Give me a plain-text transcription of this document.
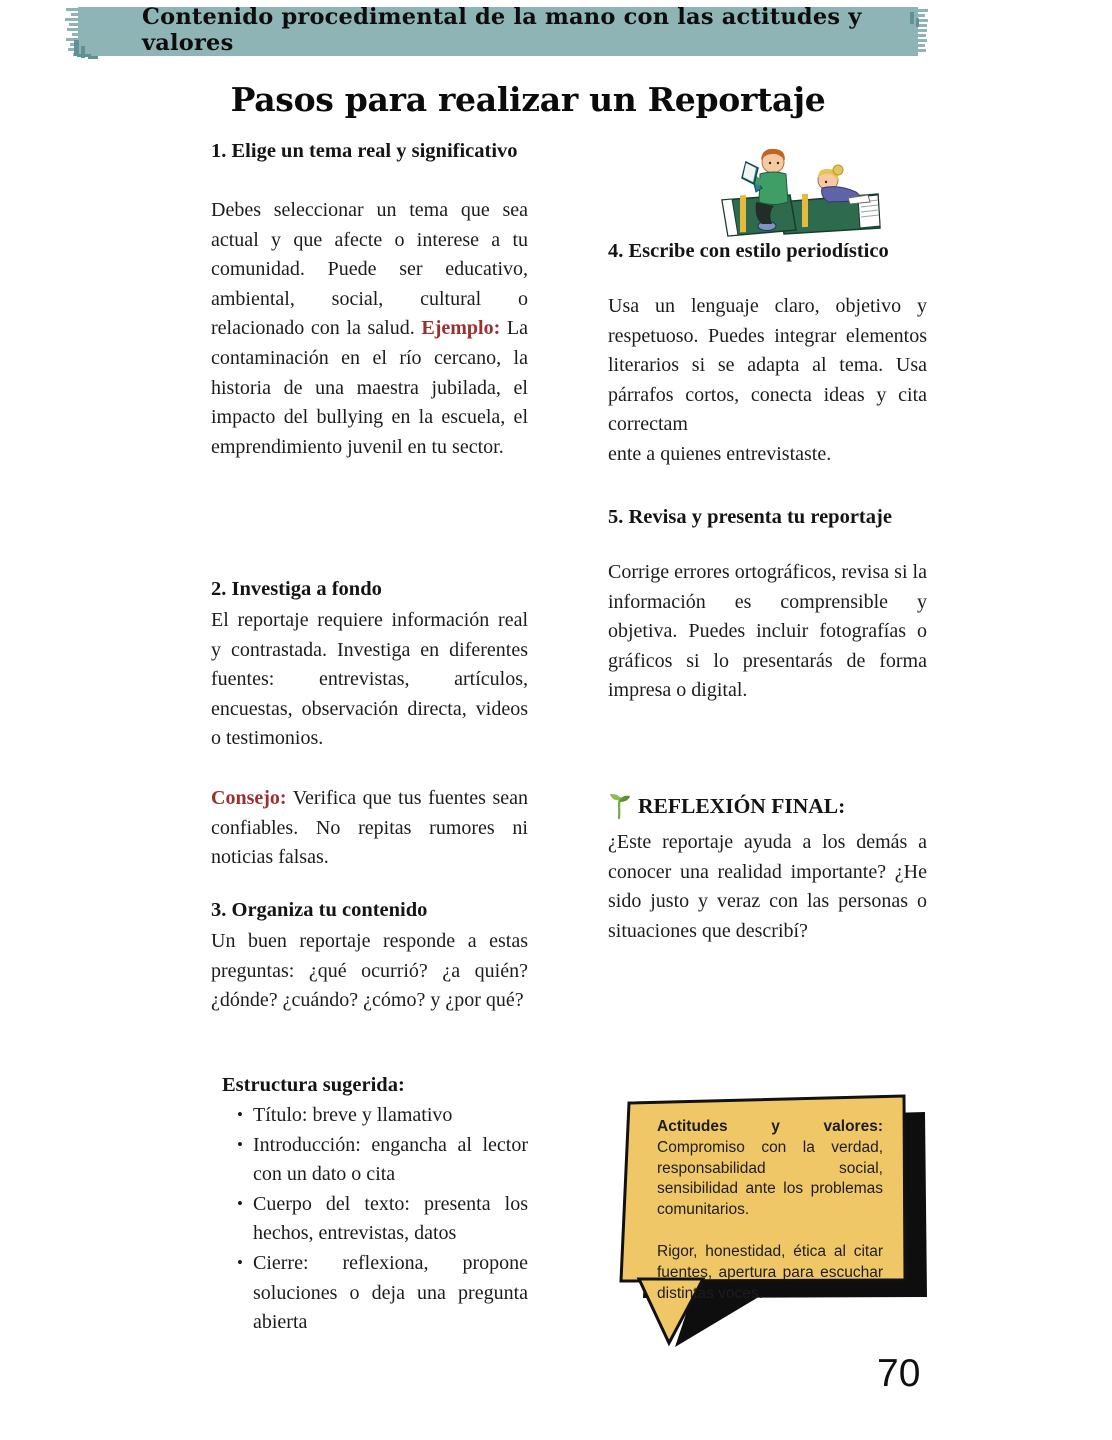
Contenido procedimental de la mano con las actitudes y valores
Pasos para realizar un Reportaje
1. Elige un tema real y significativo

Debes seleccionar un tema que sea actual y que afecte o interese a tu comunidad. Puede ser educativo, ambiental, social, cultural o relacionado con la salud. Ejemplo: La contaminación en el río cercano, la historia de una maestra jubilada, el impacto del bullying en la escuela, el emprendimiento juvenil en tu sector.

2. Investiga a fondo

El reportaje requiere información real y contrastada. Investiga en diferentes fuentes: entrevistas, artículos, encuestas, observación directa, videos o testimonios.

Consejo: Verifica que tus fuentes sean confiables. No repitas rumores ni noticias falsas.

3. Organiza tu contenido

Un buen reportaje responde a estas preguntas: ¿qué ocurrió? ¿a quién? ¿dónde? ¿cuándo? ¿cómo? y ¿por qué?

Estructura sugerida:
• Título: breve y llamativo
• Introducción: engancha al lector con un dato o cita
• Cuerpo del texto: presenta los hechos, entrevistas, datos
• Cierre: reflexiona, propone soluciones o deja una pregunta abierta
4. Escribe con estilo periodístico

Usa un lenguaje claro, objetivo y respetuoso. Puedes integrar elementos literarios si se adapta al tema. Usa párrafos cortos, conecta ideas y cita correctam
ente a quienes entrevistaste.

5. Revisa y presenta tu reportaje

Corrige errores ortográficos, revisa si la información es comprensible y objetiva. Puedes incluir fotografías o gráficos si lo presentarás de forma impresa o digital.

REFLEXIÓN FINAL:

¿Este reportaje ayuda a los demás a conocer una realidad importante? ¿He sido justo y veraz con las personas o situaciones que describí?

Actitudes y valores: Compromiso con la verdad, responsabilidad social, sensibilidad ante los problemas comunitarios.

Rigor, honestidad, ética al citar fuentes, apertura para escuchar distintas voces.

70
